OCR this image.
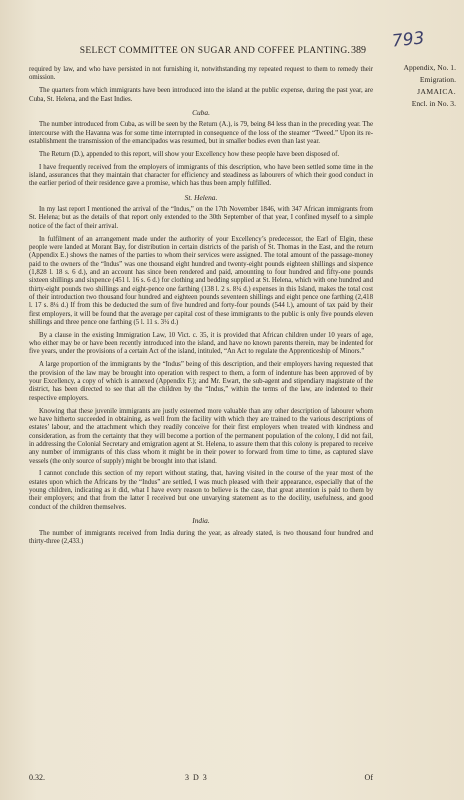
SELECT COMMITTEE ON SUGAR AND COFFEE PLANTING. 389 793
Appendix, No. 1.
Emigration.
JAMAICA.
Encl. in No. 3.

required by law, and who have persisted in not furnishing it, notwithstanding my repeated request to them to remedy their omission.

The quarters from which immigrants have been introduced into the island at the public expense, during the past year, are Cuba, St. Helena, and the East Indies.

Cuba.

The number introduced from Cuba, as will be seen by the Return (A.), is 79, being 84 less than in the preceding year. The intercourse with the Havanna was for some time interrupted in consequence of the loss of the steamer “Tweed.” Upon its re-establishment the transmission of the emancipados was resumed, but in smaller bodies even than last year.

The Return (D.), appended to this report, will show your Excellency how these people have been disposed of.

I have frequently received from the employers of immigrants of this description, who have been settled some time in the island, assurances that they maintain that character for efficiency and steadiness as labourers of which their good conduct in the earlier period of their residence gave a promise, which has thus been amply fulfilled.

St. Helena.

In my last report I mentioned the arrival of the “Indus,” on the 17th November 1846, with 347 African immigrants from St. Helena; but as the details of that report only extended to the 30th September of that year, I confined myself to a simple notice of the fact of their arrival.

In fulfilment of an arrangement made under the authority of your Excellency’s predecessor, the Earl of Elgin, these people were landed at Morant Bay, for distribution in certain districts of the parish of St. Thomas in the East, and the return (Appendix E.) shows the names of the parties to whom their services were assigned. The total amount of the passage-money paid to the owners of the “Indus” was one thousand eight hundred and twenty-eight pounds eighteen shillings and sixpence (1,828 l. 18 s. 6 d.), and an account has since been rendered and paid, amounting to four hundred and fifty-one pounds sixteen shillings and sixpence (451 l. 16 s. 6 d.) for clothing and bedding supplied at St. Helena, which with one hundred and thirty-eight pounds two shillings and eight-pence one farthing (138 l. 2 s. 8¼ d.) expenses in this Island, makes the total cost of their introduction two thousand four hundred and eighteen pounds seventeen shillings and eight pence one farthing (2,418 l. 17 s. 8¼ d.) If from this be deducted the sum of five hundred and forty-four pounds (544 l.), amount of tax paid by their first employers, it will be found that the average per capital cost of these immigrants to the public is only five pounds eleven shillings and three pence one farthing (5 l. 11 s. 3¼ d.)

By a clause in the existing Immigration Law, 10 Vict. c. 35, it is provided that African children under 10 years of age, who either may be or have been recently introduced into the island, and have no known parents therein, may be indented for five years, under the provisions of a certain Act of the island, intituled, “An Act to regulate the Apprenticeship of Minors.”

A large proportion of the immigrants by the “Indus” being of this description, and their employers having requested that the provision of the law may be brought into operation with respect to them, a form of indenture has been approved of by your Excellency, a copy of which is annexed (Appendix F.); and Mr. Ewart, the sub-agent and stipendiary magistrate of the district, has been directed to see that all the children by the “Indus,” within the terms of the law, are indented to their respective employers.

Knowing that these juvenile immigrants are justly esteemed more valuable than any other description of labourer whom we have hitherto succeeded in obtaining, as well from the facility with which they are trained to the various descriptions of estates’ labour, and the attachment which they readily conceive for their first employers when treated with kindness and consideration, as from the certainty that they will become a portion of the permanent population of the colony, I did not fail, in addressing the Colonial Secretary and emigration agent at St. Helena, to assure them that this colony is prepared to receive any number of immigrants of this class whom it might be in their power to forward from time to time, as captured slave vessels (the only source of supply) might be brought into that island.

I cannot conclude this section of my report without stating, that, having visited in the course of the year most of the estates upon which the Africans by the “Indus” are settled, I was much pleased with their appearance, especially that of the young children, indicating as it did, what I have every reason to believe is the case, that great attention is paid to them by their employers; and that from the latter I received but one unvarying statement as to the docility, usefulness, and good conduct of the children themselves.

India.

The number of immigrants received from India during the year, as already stated, is two thousand four hundred and thirty-three (2,433.)

0.32.	3 D 3	Of
